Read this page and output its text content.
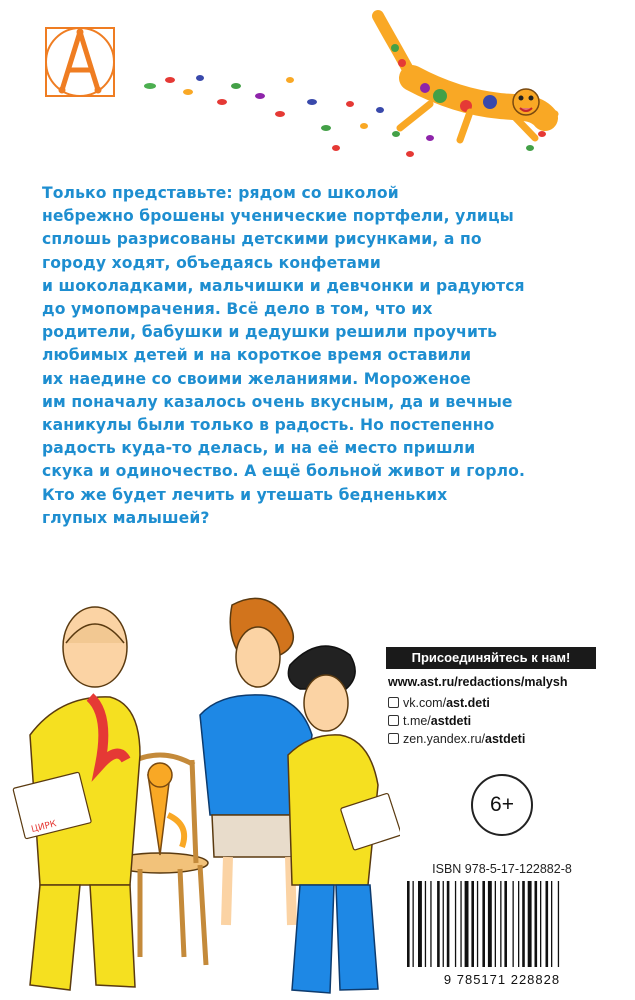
Только представьте: рядом со школой
небрежно брошены ученические портфели, улицы
сплошь разрисованы детскими рисунками, а по
городу ходят, объедаясь конфетами
и шоколадками, мальчишки и девчонки и радуются
до умопомрачения. Всё дело в том, что их
родители, бабушки и дедушки решили проучить
любимых детей и на короткое время оставили
их наедине со своими желаниями. Мороженое
им поначалу казалось очень вкусным, да и вечные
каникулы были только в радость. Но постепенно
радость куда-то делась, и на её место пришли
скука и одиночество. А ещё больной живот и горло.
Кто же будет лечить и утешать бедненьких
глупых малышей?
ЦИРК
Присоединяйтесь к нам!
www.ast.ru/redactions/malysh
vk.com/ast.deti
t.me/astdeti
zen.yandex.ru/astdeti
6+
ISBN 978-5-17-122882-8
9 785171 228828
